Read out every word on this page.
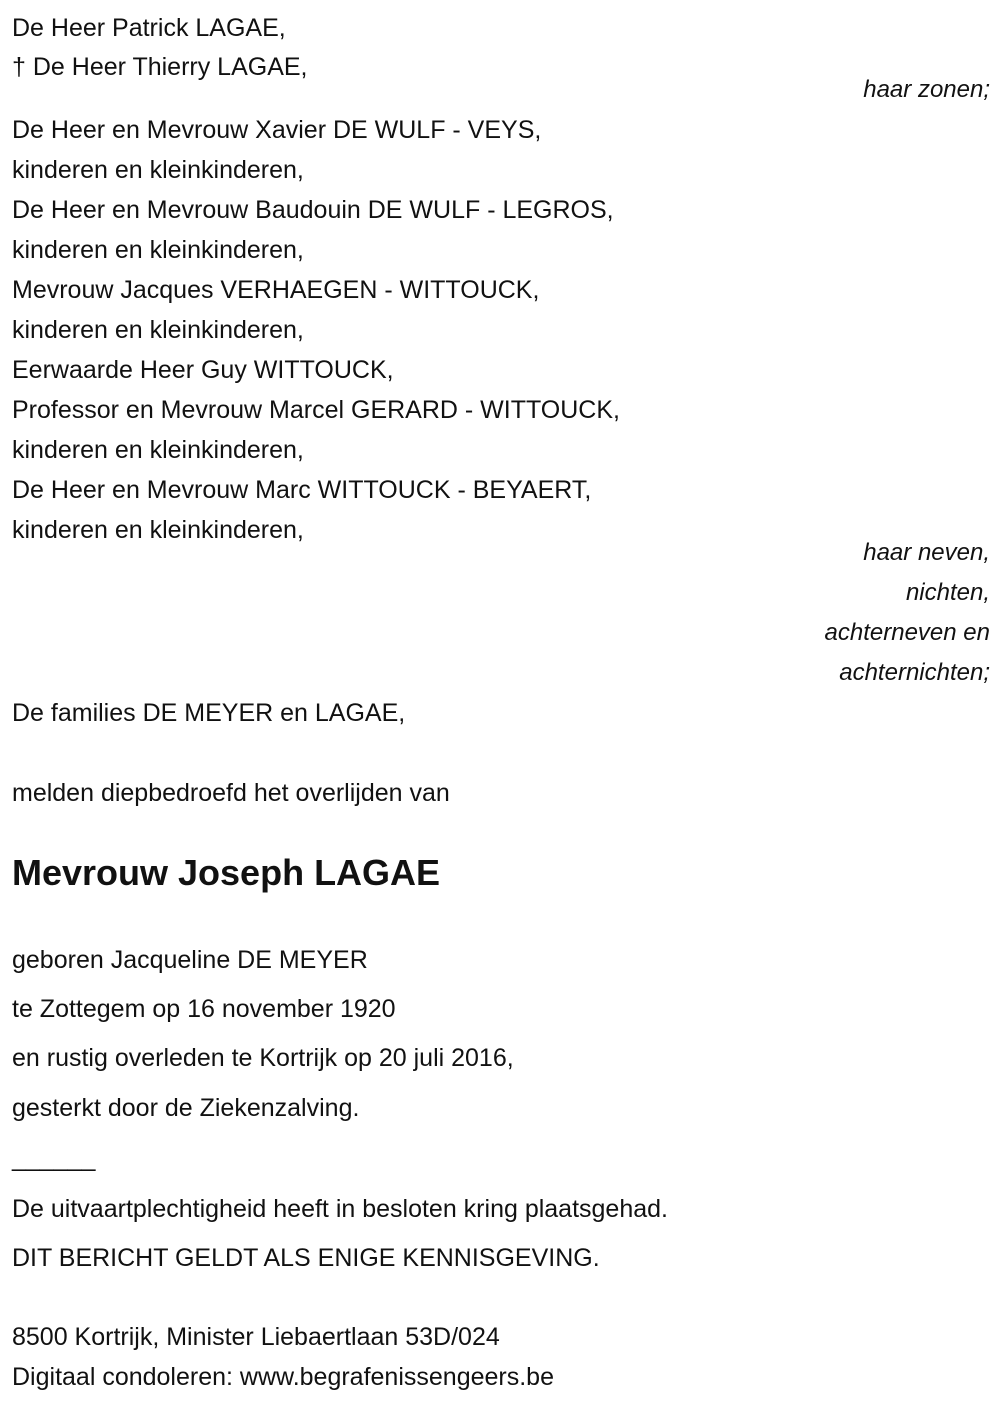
De Heer Patrick LAGAE,
† De Heer Thierry LAGAE,
haar zonen;
De Heer en Mevrouw Xavier DE WULF - VEYS,
kinderen en kleinkinderen,
De Heer en Mevrouw Baudouin DE WULF - LEGROS,
kinderen en kleinkinderen,
Mevrouw Jacques VERHAEGEN - WITTOUCK,
kinderen en kleinkinderen,
Eerwaarde Heer Guy WITTOUCK,
Professor en Mevrouw Marcel GERARD - WITTOUCK,
kinderen en kleinkinderen,
De Heer en Mevrouw Marc WITTOUCK - BEYAERT,
kinderen en kleinkinderen,
haar neven,
nichten,
achterneven en
achternichten;
De families DE MEYER en LAGAE,
melden diepbedroefd het overlijden van
Mevrouw Joseph LAGAE
geboren Jacqueline DE MEYER
te Zottegem op 16 november 1920
en rustig overleden te Kortrijk op 20 juli 2016,
gesterkt door de Ziekenzalving.
______
De uitvaartplechtigheid heeft in besloten kring plaatsgehad.
DIT BERICHT GELDT ALS ENIGE KENNISGEVING.
8500 Kortrijk, Minister Liebaertlaan 53D/024
Digitaal condoleren: www.begrafenissengeers.be
